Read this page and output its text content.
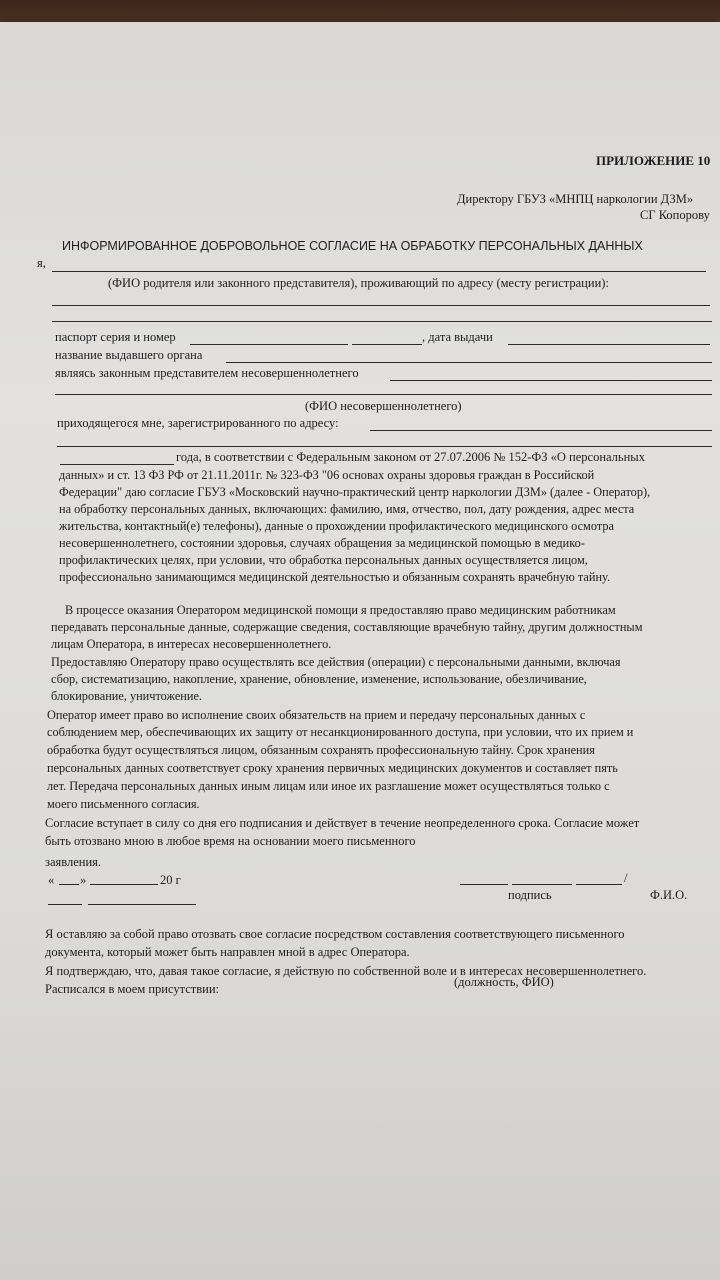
ПРИЛОЖЕНИЕ 10
Директору ГБУЗ «МНПЦ наркологии ДЗМ»
СГ Копорову
ИНФОРМИРОВАННОЕ ДОБРОВОЛЬНОЕ СОГЛАСИЕ НА ОБРАБОТКУ ПЕРСОНАЛЬНЫХ ДАННЫХ
я,
(ФИО родителя или законного представителя), проживающий по адресу (месту регистрации):
паспорт серия и номер	, дата выдачи
название выдавшего органа
являясь законным представителем несовершеннолетнего
(ФИО несовершеннолетнего)
приходящегося мне, зарегистрированного по адресу:
года, в соответствии с Федеральным законом от 27.07.2006 № 152-ФЗ «О персональных
данных» и ст. 13 ФЗ РФ от 21.11.2011г. № 323-ФЗ "06 основах охраны здоровья граждан в Российской
Федерации" даю согласие ГБУЗ «Московский научно-практический центр наркологии ДЗМ» (далее - Оператор),
на обработку персональных данных, включающих: фамилию, имя, отчество, пол, дату рождения, адрес места
жительства, контактный(е) телефоны), данные о прохождении профилактического медицинского осмотра
несовершеннолетнего, состоянии здоровья, случаях обращения за медицинской помощью в медико-
профилактических целях, при условии, что обработка персональных данных осуществляется лицом,
профессионально занимающимся медицинской деятельностью и обязанным сохранять врачебную тайну.
В процессе оказания Оператором медицинской помощи я предоставляю право медицинским работникам
передавать персональные данные, содержащие сведения, составляющие врачебную тайну, другим должностным
лицам Оператора, в интересах несовершеннолетнего.
Предоставляю Оператору право осуществлять все действия (операции) с персональными данными, включая
сбор, систематизацию, накопление, хранение, обновление, изменение, использование, обезличивание,
блокирование, уничтожение.
Оператор имеет право во исполнение своих обязательств на прием и передачу персональных данных с
соблюдением мер, обеспечивающих их защиту от несанкционированного доступа, при условии, что их прием и
обработка будут осуществляться лицом, обязанным сохранять профессиональную тайну. Срок хранения
персональных данных соответствует сроку хранения первичных медицинских документов и составляет пять
лет. Передача персональных данных иным лицам или иное их разглашение может осуществляться только с
моего письменного согласия.
Согласие вступает в силу со дня его подписания и действует в течение неопределенного срока. Согласие может
быть отозвано мною в любое время на основании моего письменного
заявления.
« »	20 г	/
подпись	Ф.И.О.
Я оставляю за собой право отозвать свое согласие посредством составления соответствующего письменного
документа, который может быть направлен мной в адрес Оператора.
Я подтверждаю, что, давая такое согласие, я действую по собственной воле и в интересах несовершеннолетнего.
Расписался в моем присутствии:	(должность, ФИО)
